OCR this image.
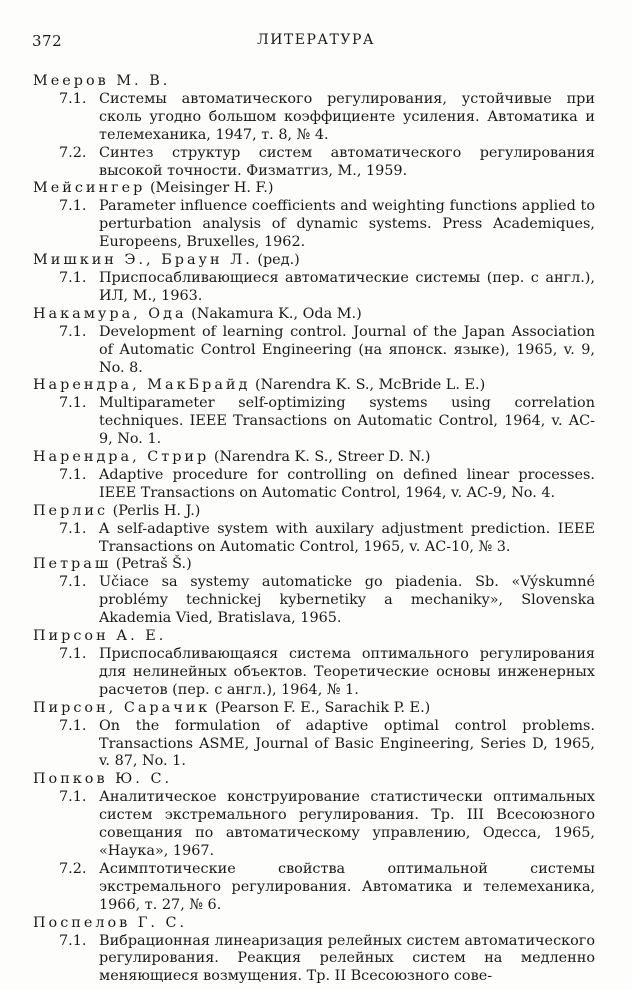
372	ЛИТЕРАТУРА
Мееров М. В.
7.1. Системы автоматического регулирования, устойчивые при сколь угодно большом коэффициенте усиления. Автоматика и телемеханика, 1947, т. 8, № 4.
7.2. Синтез структур систем автоматического регулирования высокой точности. Физматгиз, М., 1959.
Мейсингер (Meisinger H. F.)
7.1. Parameter influence coefficients and weighting functions applied to perturbation analysis of dynamic systems. Press Academiques, Europeens, Bruxelles, 1962.
Мишкин Э., Браун Л. (ред.)
7.1. Приспосабливающиеся автоматические системы (пер. с англ.), ИЛ, М., 1963.
Накамура, Ода (Nakamura K., Oda M.)
7.1. Development of learning control. Journal of the Japan Association of Automatic Control Engineering (на японск. языке), 1965, v. 9, No. 8.
Нарендра, МакБрайд (Narendra K. S., McBride L. E.)
7.1. Multiparameter self-optimizing systems using correlation techniques. IEEE Transactions on Automatic Control, 1964, v. AC-9, No. 1.
Нарендра, Стрир (Narendra K. S., Streer D. N.)
7.1. Adaptive procedure for controlling on defined linear processes. IEEE Transactions on Automatic Control, 1964, v. AC-9, No. 4.
Перлис (Perlis H. J.)
7.1. A self-adaptive system with auxilary adjustment prediction. IEEE Transactions on Automatic Control, 1965, v. AC-10, № 3.
Петраш (Petraš Š.)
7.1. Učiace sa systemy automaticke go piadenia. Sb. «Výskumné problémy technickej kybernetiky a mechaniky», Slovenska Akademia Vied, Bratislava, 1965.
Пирсон А. Е.
7.1. Приспосабливающаяся система оптимального регулирования для нелинейных объектов. Теоретические основы инженерных расчетов (пер. с англ.), 1964, № 1.
Пирсон, Сарачик (Pearson F. E., Sarachik P. E.)
7.1. On the formulation of adaptive optimal control problems. Transactions ASME, Journal of Basic Engineering, Series D, 1965, v. 87, No. 1.
Попков Ю. С.
7.1. Аналитическое конструирование статистически оптимальных систем экстремального регулирования. Тр. III Всесоюзного совещания по автоматическому управлению, Одесса, 1965, «Наука», 1967.
7.2. Асимптотические свойства оптимальной системы экстремального регулирования. Автоматика и телемеханика, 1966, т. 27, № 6.
Поспелов Г. С.
7.1. Вибрационная линеаризация релейных систем автоматического регулирования. Реакция релейных систем на медленно меняющиеся возмущения. Тр. II Всесоюзного сове-
